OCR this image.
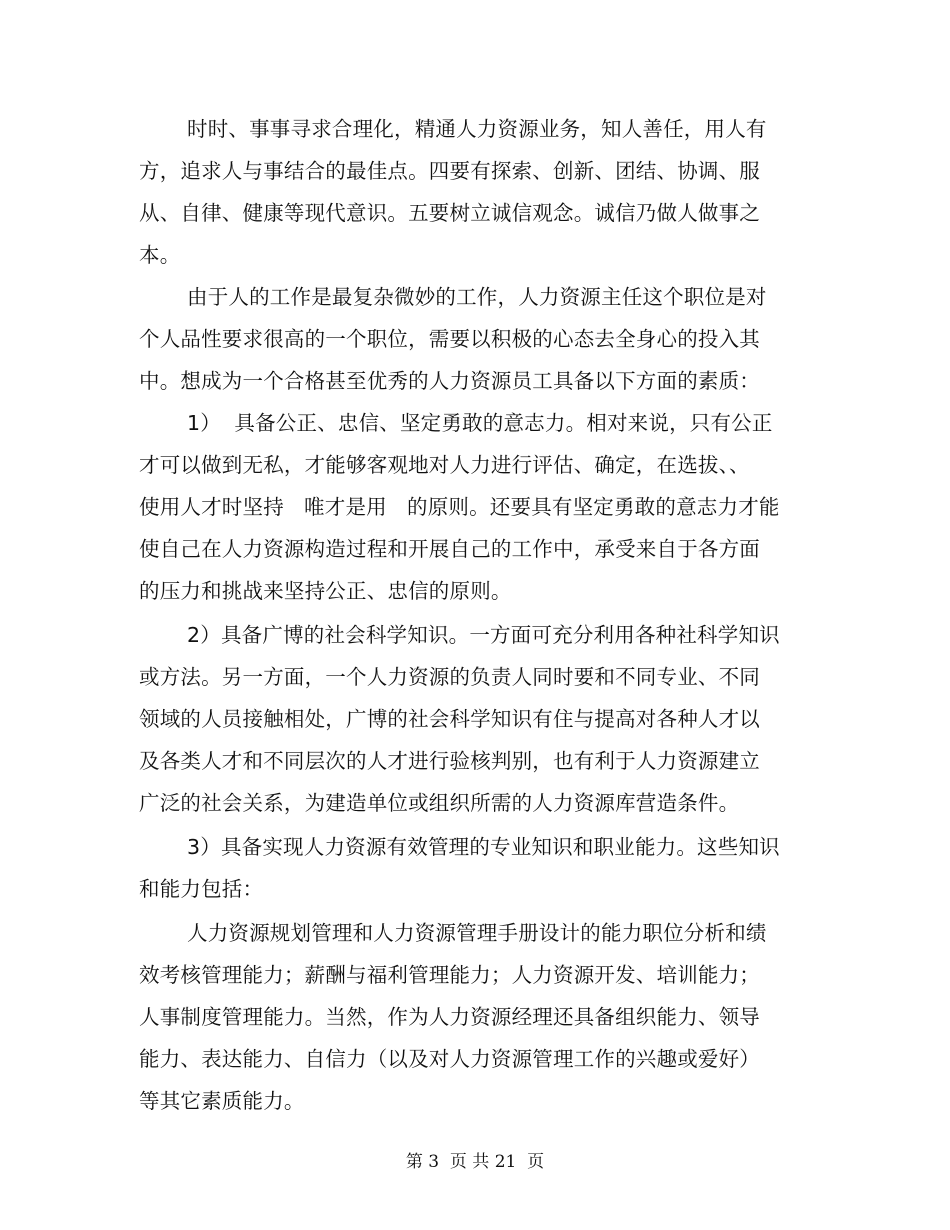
时时、事事寻求合理化，精通人力资源业务，知人善任，用人有
方，追求人与事结合的最佳点。四要有探索、创新、团结、协调、服
从、自律、健康等现代意识。五要树立诚信观念。诚信乃做人做事之
本。
由于人的工作是最复杂微妙的工作，人力资源主任这个职位是对
个人品性要求很高的一个职位，需要以积极的心态去全身心的投入其
中。想成为一个合格甚至优秀的人力资源员工具备以下方面的素质：
1）  具备公正、忠信、坚定勇敢的意志力。相对来说，只有公正
才可以做到无私，才能够客观地对人力进行评估、确定，在选拔、、
使用人才时坚持   唯才是用   的原则。还要具有坚定勇敢的意志力才能
使自己在人力资源构造过程和开展自己的工作中，承受来自于各方面
的压力和挑战来坚持公正、忠信的原则。
2）具备广博的社会科学知识。一方面可充分利用各种社科学知识
或方法。另一方面，一个人力资源的负责人同时要和不同专业、不同
领域的人员接触相处，广博的社会科学知识有住与提高对各种人才以
及各类人才和不同层次的人才进行验核判别，也有利于人力资源建立
广泛的社会关系，为建造单位或组织所需的人力资源库营造条件。
3）具备实现人力资源有效管理的专业知识和职业能力。这些知识
和能力包括：
人力资源规划管理和人力资源管理手册设计的能力职位分析和绩
效考核管理能力；薪酬与福利管理能力；人力资源开发、培训能力；
人事制度管理能力。当然，作为人力资源经理还具备组织能力、领导
能力、表达能力、自信力（以及对人力资源管理工作的兴趣或爱好）
等其它素质能力。
第 3  页 共 21  页
